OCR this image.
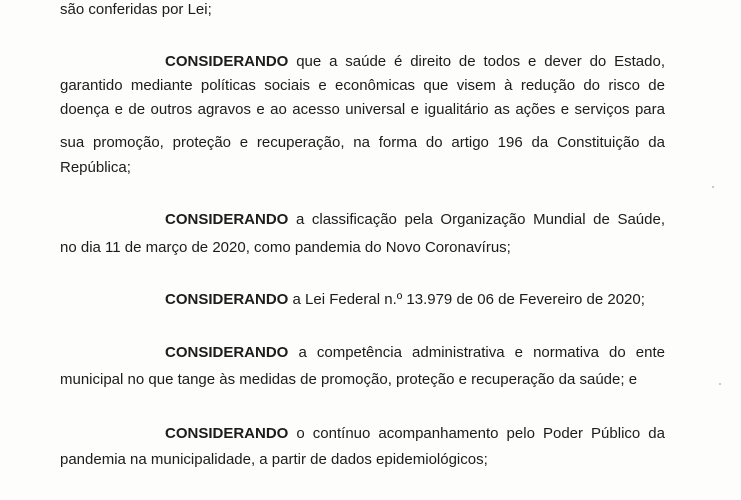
são conferidas por Lei;
CONSIDERANDO que a saúde é direito de todos e dever do Estado,
garantido mediante políticas sociais e econômicas que visem à redução do risco de
doença e de outros agravos e ao acesso universal e igualitário as ações e serviços para
sua promoção, proteção e recuperação, na forma do artigo 196 da Constituição da
República;
CONSIDERANDO a classificação pela Organização Mundial de Saúde,
no dia 11 de março de 2020, como pandemia do Novo Coronavírus;
CONSIDERANDO a Lei Federal n.º 13.979 de 06 de Fevereiro de 2020;
CONSIDERANDO a competência administrativa e normativa do ente
municipal no que tange às medidas de promoção, proteção e recuperação da saúde; e
CONSIDERANDO o contínuo acompanhamento pelo Poder Público da
pandemia na municipalidade, a partir de dados epidemiológicos;
